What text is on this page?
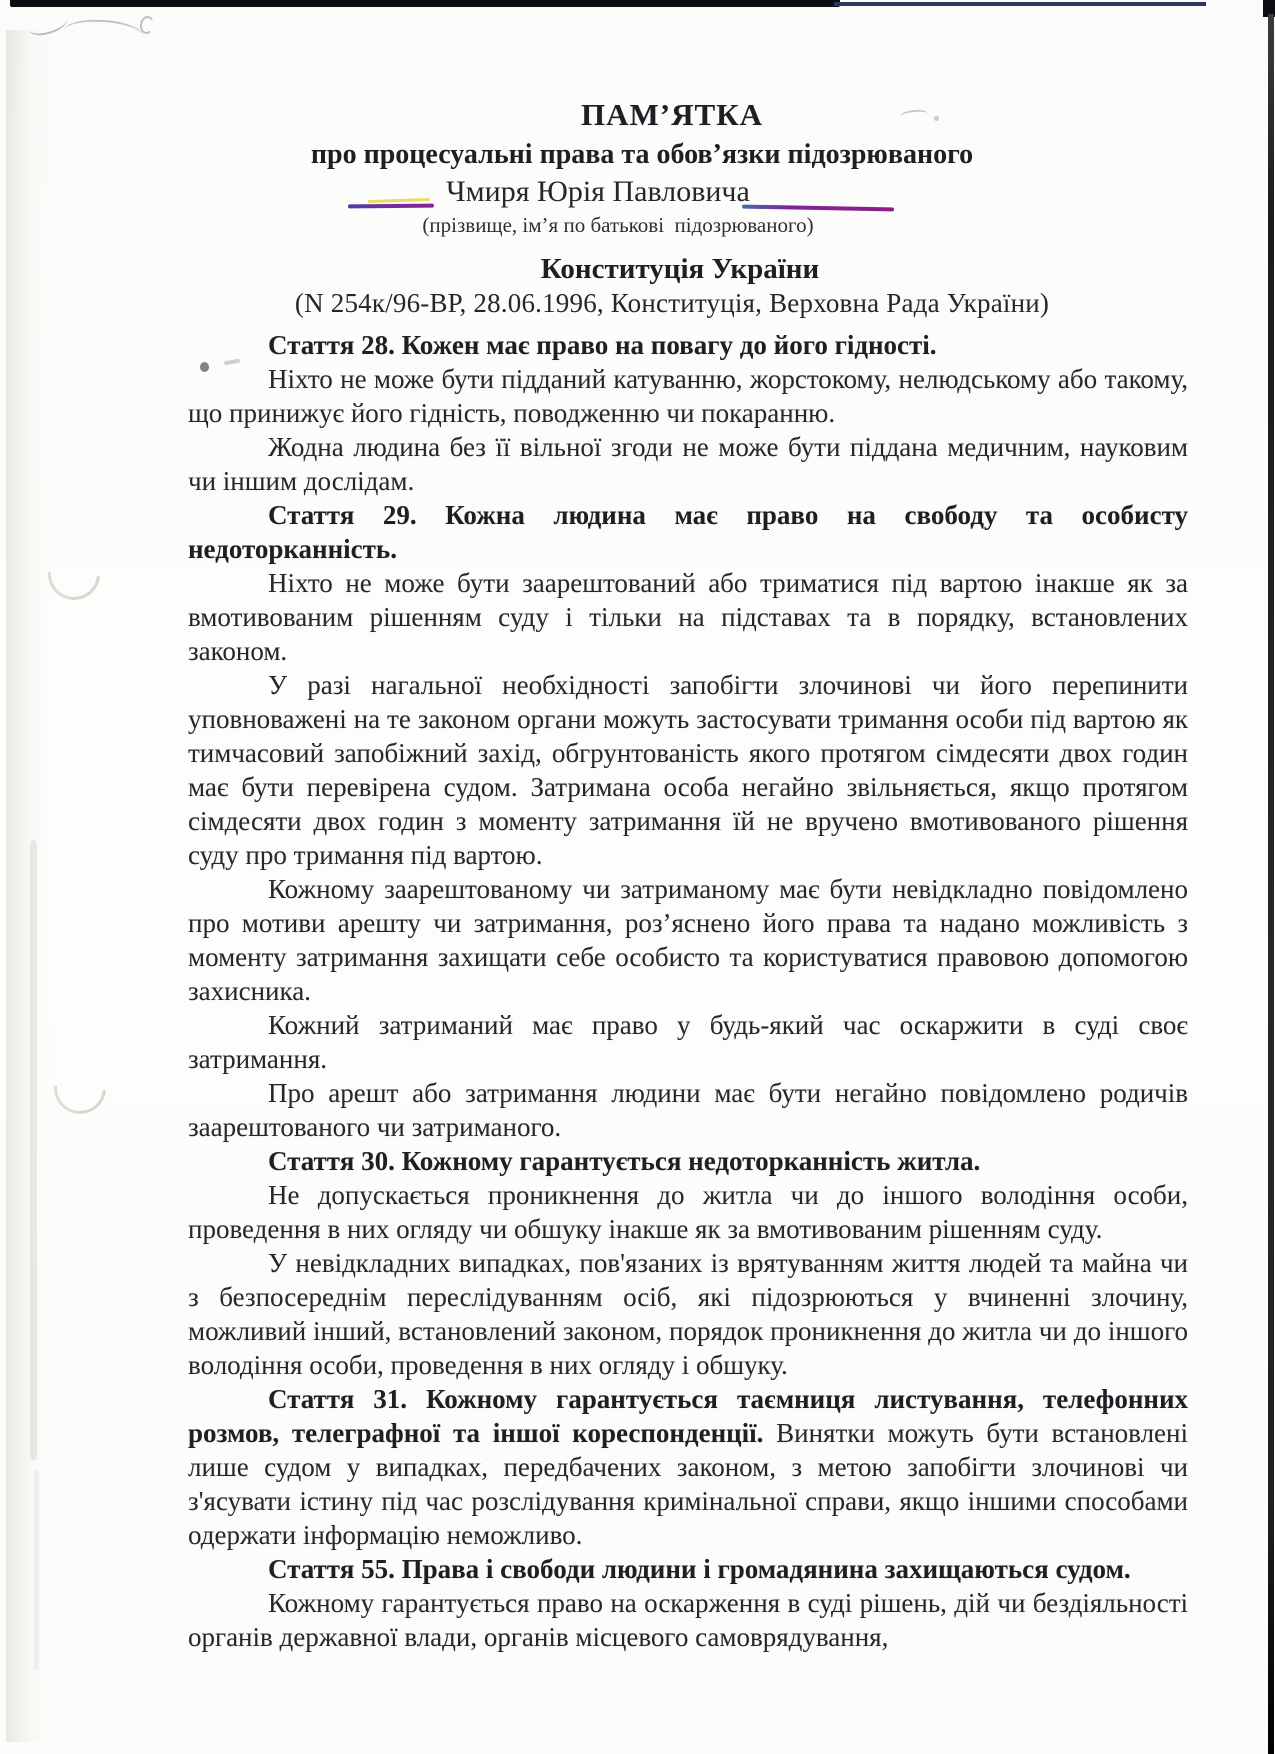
ПАМ’ЯТКА
про процесуальні права та обов’язки підозрюваного
Чмиря Юрія Павловича
(прізвище, ім’я по батькові  підозрюваного)
Конституція України
(N 254к/96-ВР, 28.06.1996, Конституція, Верховна Рада України)

Стаття 28. Кожен має право на повагу до його гідності.

Ніхто не може бути підданий катуванню, жорстокому, нелюдському або такому, що принижує його гідність, поводженню чи покаранню.

Жодна людина без її вільної згоди не може бути піддана медичним, науковим чи іншим дослідам.

Стаття 29. Кожна людина має право на свободу та особисту недоторканність.

Ніхто не може бути заарештований або триматися під вартою інакше як за вмотивованим рішенням суду і тільки на підставах та в порядку, встановлених законом.

У разі нагальної необхідності запобігти злочинові чи його перепинити уповноважені на те законом органи можуть застосувати тримання особи під вартою як тимчасовий запобіжний захід, обгрунтованість якого протягом сімдесяти двох годин має бути перевірена судом. Затримана особа негайно звільняється, якщо протягом сімдесяти двох годин з моменту затримання їй не вручено вмотивованого рішення суду про тримання під вартою.

Кожному заарештованому чи затриманому має бути невідкладно повідомлено про мотиви арешту чи затримання, роз’яснено його права та надано можливість з моменту затримання захищати себе особисто та користуватися правовою допомогою захисника.

Кожний затриманий має право у будь-який час оскаржити в суді своє затримання.

Про арешт або затримання людини має бути негайно повідомлено родичів заарештованого чи затриманого.

Стаття 30. Кожному гарантується недоторканність житла.

Не допускається проникнення до житла чи до іншого володіння особи, проведення в них огляду чи обшуку інакше як за вмотивованим рішенням суду.

У невідкладних випадках, пов'язаних із врятуванням життя людей та майна чи з безпосереднім переслідуванням осіб, які підозрюються у вчиненні злочину, можливий інший, встановлений законом, порядок проникнення до житла чи до іншого володіння особи, проведення в них огляду і обшуку.

Стаття 31. Кожному гарантується таємниця листування, телефонних розмов, телеграфної та іншої кореспонденції. Винятки можуть бути встановлені лише судом у випадках, передбачених законом, з метою запобігти злочинові чи з'ясувати істину під час розслідування кримінальної справи, якщо іншими способами одержати інформацію неможливо.

Стаття 55. Права і свободи людини і громадянина захищаються судом.

Кожному гарантується право на оскарження в суді рішень, дій чи бездіяльності органів державної влади, органів місцевого самоврядування,
